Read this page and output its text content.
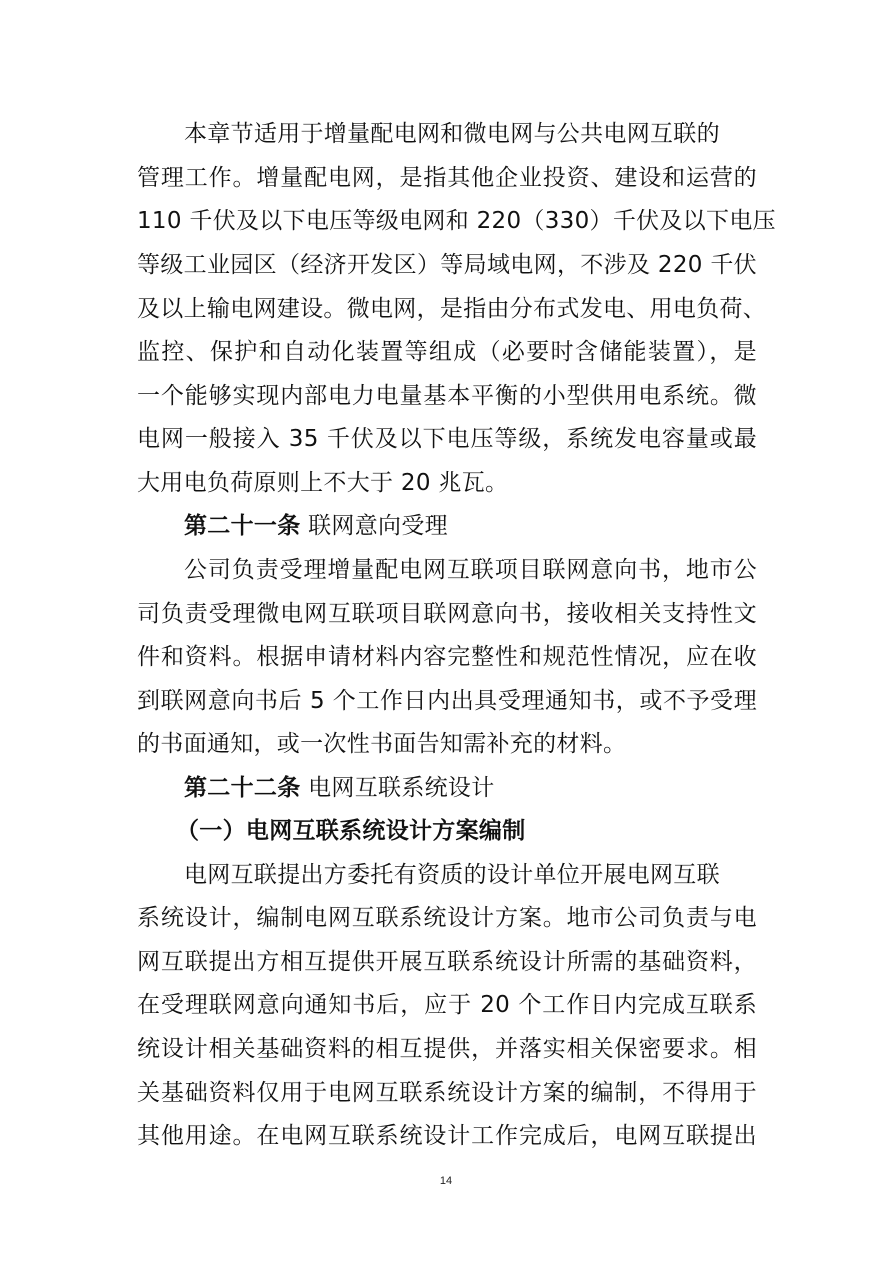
本章节适用于增量配电网和微电网与公共电网互联的
管理工作。增量配电网，是指其他企业投资、建设和运营的
110 千伏及以下电压等级电网和 220（330）千伏及以下电压
等级工业园区（经济开发区）等局域电网，不涉及 220 千伏
及以上输电网建设。微电网，是指由分布式发电、用电负荷、
监控、保护和自动化装置等组成（必要时含储能装置），是
一个能够实现内部电力电量基本平衡的小型供用电系统。微
电网一般接入 35 千伏及以下电压等级，系统发电容量或最
大用电负荷原则上不大于 20 兆瓦。
第二十一条 联网意向受理
公司负责受理增量配电网互联项目联网意向书，地市公
司负责受理微电网互联项目联网意向书，接收相关支持性文
件和资料。根据申请材料内容完整性和规范性情况，应在收
到联网意向书后 5 个工作日内出具受理通知书，或不予受理
的书面通知，或一次性书面告知需补充的材料。
第二十二条 电网互联系统设计
（一）电网互联系统设计方案编制
电网互联提出方委托有资质的设计单位开展电网互联
系统设计，编制电网互联系统设计方案。地市公司负责与电
网互联提出方相互提供开展互联系统设计所需的基础资料，
在受理联网意向通知书后，应于 20 个工作日内完成互联系
统设计相关基础资料的相互提供，并落实相关保密要求。相
关基础资料仅用于电网互联系统设计方案的编制，不得用于
其他用途。在电网互联系统设计工作完成后，电网互联提出
14
